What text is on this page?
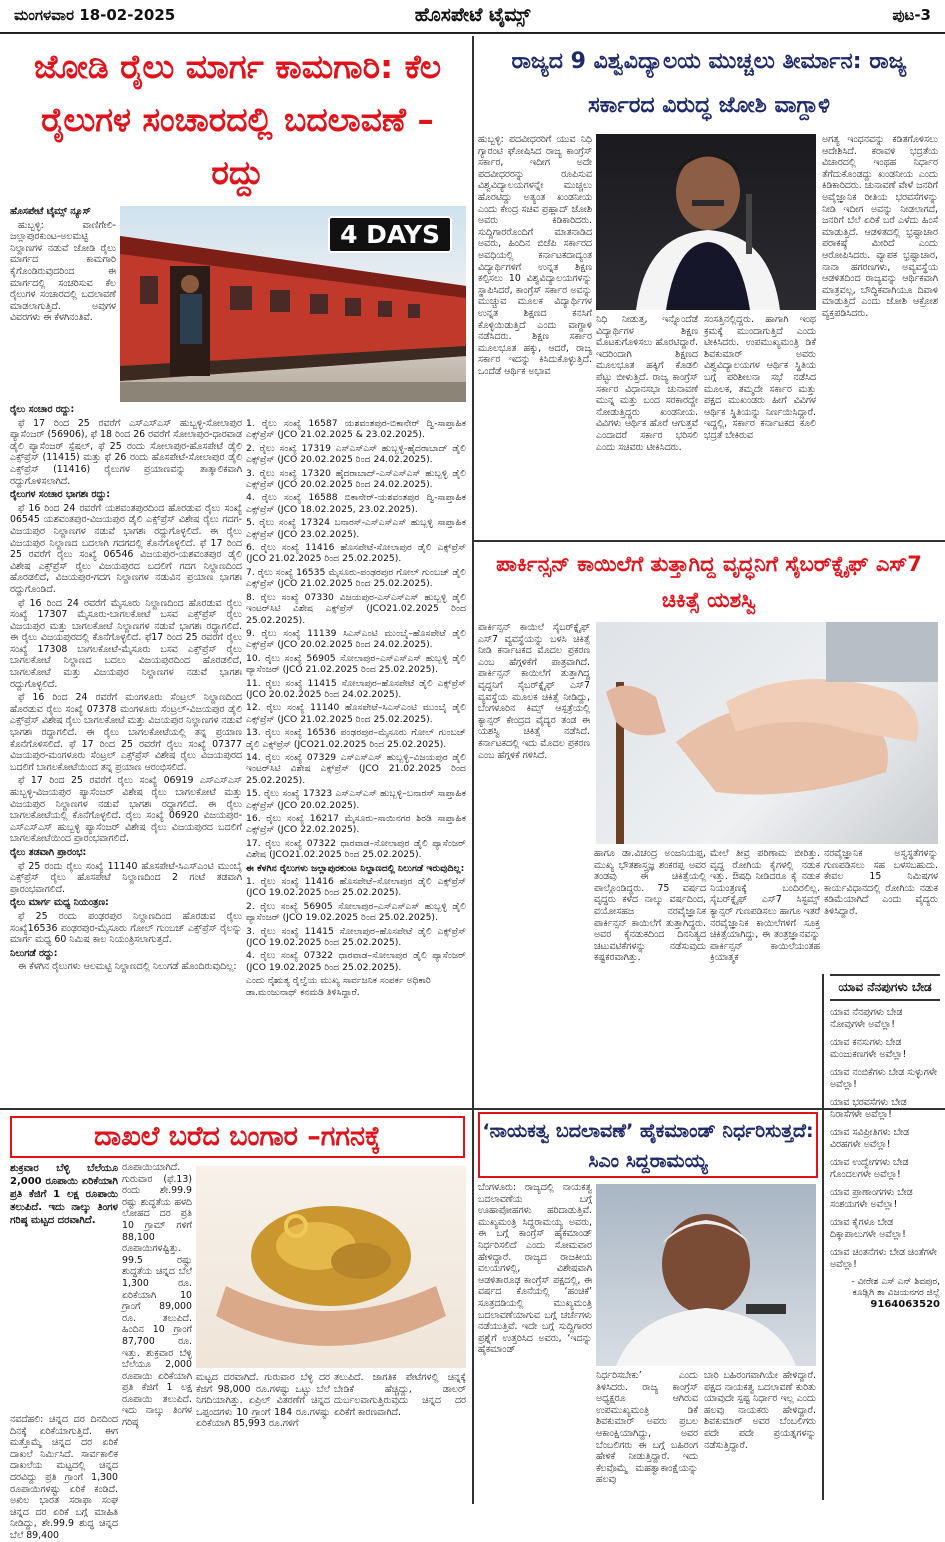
ಮಂಗಳವಾರ 18-02-2025	ಹೊಸಪೇಟೆ ಟೈಮ್ಸ್	ಪುಟ-3
ಜೋಡಿ ರೈಲು ಮಾರ್ಗ ಕಾಮಗಾರಿ: ಕೆಲ ರೈಲುಗಳ ಸಂಚಾರದಲ್ಲಿ ಬದಲಾವಣೆ – ರದ್ದು
4 DAYS

ಹೊಸಪೇಟೆ ಟೈಮ್ಸ್ ನ್ಯೂಸ್

ಹುಬ್ಬಳ್ಳಿ: ವಾಣಿಗೇಲಿ-ಜಲ್ಲಾಪುರಕುಂಟ-ಅಲಮಟ್ಟಿ ನಿಲ್ದಾಣಗಳ ನಡುವೆ ಜೋಡಿ ರೈಲು ಮಾರ್ಗದ ಕಾಮಗಾರಿ ಕೈಗೊಂಡಿರುವುದರಿಂದ ಈ ಮಾರ್ಗದಲ್ಲಿ ಸಂಚರಿಸುವ ಕೆಲ ರೈಲುಗಳ ಸಂಚಾರದಲ್ಲಿ ಬದಲಾವಣೆ ಮಾಡಲಾಗುತ್ತಿದೆ. ಅವುಗಳ ವಿವರಗಳು ಈ ಕೆಳಗಿನಂತಿವೆ.

ರೈಲು ಸಂಚಾರ ರದ್ದು:

ಫೆ 17 ರಿಂದ 25 ರವರೆಗೆ ಎಸ್ಎಸ್ಎಸ್ ಹುಬ್ಬಳ್ಳಿ-ಸೋಲಾಪುರ ಪ್ಯಾಸೆಂಜರ್ (56906), ಫೆ 18 ರಿಂದ 26 ರವರೆಗೆ ಸೋಲಾಪುರ-ಧಾರವಾಡ ಡೈಲಿ ಪ್ಯಾಸೆಂಜರ್ ಸ್ಪೆಷಲ್, ಫೆ 25 ರಂದು ಸೋಲಾಪುರ-ಹೊಸಪೇಟೆ ಡೈಲಿ ಎಕ್ಸ್‌ಪ್ರೆಸ್ (11415) ಮತ್ತು ಫೆ 26 ರಂದು ಹೊಸಪೇಟೆ-ಸೋಲಾಪುರ ಡೈಲಿ ಎಕ್ಸ್‌ಪ್ರೆಸ್ (11416) ರೈಲುಗಳ ಪ್ರಯಾಣವನ್ನು ತಾತ್ಕಾಲಿಕವಾಗಿ ರದ್ದುಗೊಳಿಸಲಾಗಿದೆ.

ರೈಲುಗಳ ಸಂಚಾರ ಭಾಗಶಃ ರದ್ದು:

ಫೆ 16 ರಿಂದ 24 ರವರೆಗೆ ಯಶವಂತಪುರದಿಂದ ಹೊರಡುವ ರೈಲು ಸಂಖ್ಯೆ 06545 ಯಶವಂತಪುರ-ವಿಜಯಪುರ ಡೈಲಿ ಎಕ್ಸ್‌ಪ್ರೆಸ್ ವಿಶೇಷ ರೈಲು ಗದಗ-ವಿಜಯಪುರ ನಿಲ್ದಾಣಗಳ ನಡುವೆ ಭಾಗಶಃ ರದ್ದುಗೊಳ್ಳಲಿದೆ. ಈ ರೈಲು ವಿಜಯಪುರ ನಿಲ್ದಾಣದ ಬದಲಾಗಿ ಗದಗದಲ್ಲಿ ಕೊನೆಗೊಳ್ಳಲಿದೆ. ಫೆ 17 ರಿಂದ 25 ರವರೆಗೆ ರೈಲು ಸಂಖ್ಯೆ 06546 ವಿಜಯಪುರ-ಯಶವಂತಪುರ ಡೈಲಿ ವಿಶೇಷ ಎಕ್ಸ್‌ಪ್ರೆಸ್ ರೈಲು ವಿಜಯಪುರದ ಬದಲಿಗೆ ಗದಗ ನಿಲ್ದಾಣದಿಂದ ಹೊರಡಲಿದೆ, ವಿಜಯಪುರ-ಗದಗ ನಿಲ್ದಾಣಗಳ ನಡುವಿನ ಪ್ರಯಾಣ ಭಾಗಶಃ ರದ್ದುಗೊಂಡಿದೆ.

ಫೆ 16 ರಿಂದ 24 ರವರೆಗೆ ಮೈಸೂರು ನಿಲ್ದಾಣದಿಂದ ಹೊರಡುವ ರೈಲು ಸಂಖ್ಯೆ 17307 ಮೈಸೂರು-ಬಾಗಲಕೋಟೆ ಬಸವ ಎಕ್ಸ್‌ಪ್ರೆಸ್ ರೈಲು ವಿಜಯಪುರ ಮತ್ತು ಬಾಗಲಕೋಟೆ ನಿಲ್ದಾಣಗಳ ನಡುವೆ ಭಾಗಶಃ ರದ್ದಾಗಲಿದೆ. ಈ ರೈಲು ವಿಜಯಪುರದಲ್ಲಿ ಕೊನೆಗೊಳ್ಳಲಿದೆ. ಫೆ17 ರಿಂದ 25 ರವರೆಗೆ ರೈಲು ಸಂಖ್ಯೆ 17308 ಬಾಗಲಕೋಟೆ-ಮೈಸೂರು ಬಸವ ಎಕ್ಸ್‌ಪ್ರೆಸ್ ರೈಲು ಬಾಗಲಕೋಟೆ ನಿಲ್ದಾಣದ ಬದಲು ವಿಜಯಪುರದಿಂದ ಹೊರಡಲಿದೆ, ಬಾಗಲಕೋಟೆ ಮತ್ತು ವಿಜಯಪುರ ನಿಲ್ದಾಣಗಳ ನಡುವೆ ಭಾಗಶಃ ರದ್ದುಗೊಳ್ಳಲಿದೆ.

ಫೆ 16 ರಿಂದ 24 ರವರೆಗೆ ಮಂಗಳೂರು ಸೆಂಟ್ರಲ್ ನಿಲ್ದಾಣದಿಂದ ಹೊರಡುವ ರೈಲು ಸಂಖ್ಯೆ 07378 ಮಂಗಳೂರು ಸೆಂಟ್ರಲ್-ವಿಜಯಪುರ ಡೈಲಿ ಎಕ್ಸ್‌ಪ್ರೆಸ್ ವಿಶೇಷ ರೈಲು ಬಾಗಲಕೋಟೆ ಮತ್ತು ವಿಜಯಪುರ ನಿಲ್ದಾಣಗಳ ನಡುವೆ ಭಾಗಶಃ ರದ್ದಾಗಲಿದೆ. ಈ ರೈಲು ಬಾಗಲಕೋಟೆಯಲ್ಲಿ ತನ್ನ ಪ್ರಯಾಣ ಕೊನೆಗೊಳಿಸಲಿದೆ. ಫೆ 17 ರಿಂದ 25 ರವರೆಗೆ ರೈಲು ಸಂಖ್ಯೆ 07377 ವಿಜಯಪುರ-ಮಂಗಳೂರು ಸೆಂಟ್ರಲ್ ಎಕ್ಸ್‌ಪ್ರೆಸ್ ವಿಶೇಷ ರೈಲು ವಿಜಯಪುರದ ಬದಲಿಗೆ ಬಾಗಲಕೋಟೆಯಿಂದ ತನ್ನ ಪ್ರಯಾಣ ಆರಂಭಿಸಲಿದೆ.

ಫೆ 17 ರಿಂದ 25 ರವರೆಗೆ ರೈಲು ಸಂಖ್ಯೆ 06919 ಎಸ್ಎಸ್ಎಸ್ ಹುಬ್ಬಳ್ಳಿ-ವಿಜಯಪುರ ಪ್ಯಾಸೆಂಜರ್ ವಿಶೇಷ ರೈಲು ಬಾಗಲಕೋಟೆ ಮತ್ತು ವಿಜಯಪುರ ನಿಲ್ದಾಣಗಳ ನಡುವೆ ಭಾಗಶಃ ರದ್ದಾಗಲಿದೆ. ಈ ರೈಲು ಬಾಗಲಕೋಟೆಯಲ್ಲಿ ಕೊನೆಗೊಳ್ಳಲಿದೆ. ರೈಲು ಸಂಖ್ಯೆ 06920 ವಿಜಯಪುರ-ಎಸ್ಎಸ್ಎಸ್ ಹುಬ್ಬಳ್ಳಿ ಪ್ಯಾಸೆಂಜರ್ ವಿಶೇಷ ರೈಲು ವಿಜಯಪುರದ ಬದಲಿಗೆ ಬಾಗಲಕೋಟೆಯಿಂದ ಪ್ರಾರಂಭವಾಗಲಿದೆ.

ರೈಲು ತಡವಾಗಿ ಪ್ರಾರಂಭ:

ಫೆ 25 ರಂದು ರೈಲು ಸಂಖ್ಯೆ 11140 ಹೊಸಪೇಟೆ-ಸಿಎಸ್‌ಎಂಟಿ ಮುಂಬೈ ಎಕ್ಸ್‌ಪ್ರೆಸ್ ರೈಲು ಹೊಸಪೇಟೆ ನಿಲ್ದಾಣದಿಂದ 2 ಗಂಟೆ ತಡವಾಗಿ ಪ್ರಾರಂಭವಾಗಲಿದೆ.

ರೈಲು ಮಾರ್ಗ ಮಧ್ಯ ನಿಯಂತ್ರಣ:

ಫೆ 25 ರಂದು ಪಂಢರಪುರ ನಿಲ್ದಾಣದಿಂದ ಹೊರಡುವ ರೈಲು ಸಂಖ್ಯೆ16536 ಪಂಢರಪುರ-ಮೈಸೂರು ಗೋಲ್ ಗುಂಬಜ್ ಎಕ್ಸ್‌ಪ್ರೆಸ್ ರೈಲನ್ನು ಮಾರ್ಗ ಮಧ್ಯ 60 ನಿಮಿಷ ಕಾಲ ನಿಯಂತ್ರಿಸಲಾಗುತ್ತದೆ.

ನಿಲುಗಡೆ ರದ್ದು:

ಈ ಕೆಳಗಿನ ರೈಲುಗಳು ಆಲಮಟ್ಟಿ ನಿಲ್ದಾಣದಲ್ಲಿ ನಿಲುಗಡೆ ಹೊಂದಿರುವುದಿಲ್ಲ:

1. ರೈಲು ಸಂಖ್ಯೆ 16587 ಯಶವಂತಪುರ-ಬಿಕಾನೇರ್ ದ್ವಿ-ಸಾಪ್ತಾಹಿಕ ಎಕ್ಸ್‌ಪ್ರೆಸ್ (JCO 21.02.2025 & 23.02.2025).
2. ರೈಲು ಸಂಖ್ಯೆ 17319 ಎಸ್ಎಸ್ಎಸ್ ಹುಬ್ಬಳ್ಳಿ-ಹೈದರಾಬಾದ್ ಡೈಲಿ ಎಕ್ಸ್‌ಪ್ರೆಸ್ (JCO 20.02.2025 ರಿಂದ 24.02.2025).
3. ರೈಲು ಸಂಖ್ಯೆ 17320 ಹೈದರಾಬಾದ್-ಎಸ್ಎಸ್ಎಸ್ ಹುಬ್ಬಳ್ಳಿ ಡೈಲಿ ಎಕ್ಸ್‌ಪ್ರೆಸ್ (JCO 20.02.2025 ರಿಂದ 24.02.2025).
4. ರೈಲು ಸಂಖ್ಯೆ 16588 ಬಿಕಾನೇರ್-ಯಶವಂತಪುರ ದ್ವಿ-ಸಾಪ್ತಾಹಿಕ ಎಕ್ಸ್‌ಪ್ರೆಸ್ (JCO 18.02.2025, 23.02.2025).
5. ರೈಲು ಸಂಖ್ಯೆ 17324 ಬನಾರಸ್-ಎಸ್ಎಸ್ಎಸ್ ಹುಬ್ಬಳ್ಳಿ ಸಾಪ್ತಾಹಿಕ ಎಕ್ಸ್‌ಪ್ರೆಸ್ (JCO 23.02.2025).
6. ರೈಲು ಸಂಖ್ಯೆ 11416 ಹೊಸಪೇಟೆ-ಸೋಲಾಪುರ ಡೈಲಿ ಎಕ್ಸ್‌ಪ್ರೆಸ್ (JCO 21.02.2025 ರಿಂದ 25.02.2025).
7. ರೈಲು ಸಂಖ್ಯೆ 16535 ಮೈಸೂರು-ಪಂಢರಪುರ ಗೋಲ್ ಗುಂಬಜ್ ಡೈಲಿ ಎಕ್ಸ್‌ಪ್ರೆಸ್ (JCO 21.02.2025 ರಿಂದ 25.02.2025).
8. ರೈಲು ಸಂಖ್ಯೆ 07330 ವಿಜಯಪುರ-ಎಸ್ಎಸ್ಎಸ್ ಹುಬ್ಬಳ್ಳಿ ಡೈಲಿ ಇಂಟರ್‌ಸಿಟಿ ವಿಶೇಷ ಎಕ್ಸ್‌ಪ್ರೆಸ್ (JCO21.02.2025 ರಿಂದ 25.02.2025).
9. ರೈಲು ಸಂಖ್ಯೆ 11139 ಸಿಎಸ್‌ಎಂಟಿ ಮುಂಬೈ–ಹೊಸಪೇಟೆ ಡೈಲಿ ಎಕ್ಸ್‌ಪ್ರೆಸ್ (JCO 20.02.2025 ರಿಂದ 24.02.2025).
10. ರೈಲು ಸಂಖ್ಯೆ 56905 ಸೋಲಾಪುರ–ಎಸ್ಎಸ್ಎಸ್ ಹುಬ್ಬಳ್ಳಿ ಡೈಲಿ ಪ್ಯಾಸೆಂಜರ್ (JCO 21.02.2025 ರಿಂದ 25.02.2025).
11. ರೈಲು ಸಂಖ್ಯೆ 11415 ಸೋಲಾಪುರ–ಹೊಸಪೇಟೆ ಡೈಲಿ ಎಕ್ಸ್‌ಪ್ರೆಸ್ (JCO 20.02.2025 ರಿಂದ 24.02.2025).
12. ರೈಲು ಸಂಖ್ಯೆ 11140 ಹೊಸಪೇಟೆ–ಸಿಎಸ್‌ಎಂಟಿ ಮುಂಬೈ ಡೈಲಿ ಎಕ್ಸ್‌ಪ್ರೆಸ್ (JCO 21.02.2025 ರಿಂದ 25.02.2025).
13. ರೈಲು ಸಂಖ್ಯೆ 16536 ಪಂಢರಪುರ–ಮೈಸೂರು ಗೋಲ್ ಗುಂಬಜ್ ಡೈಲಿ ಎಕ್ಸ್‌ಪ್ರೆಸ್ (JCO21.02.2025 ರಿಂದ 25.02.2025).
14. ರೈಲು ಸಂಖ್ಯೆ 07329 ಎಸ್ಎಸ್ಎಸ್ ಹುಬ್ಬಳ್ಳಿ–ವಿಜಯಪುರ ಡೈಲಿ ಇಂಟರ್‌ಸಿಟಿ ವಿಶೇಷ ಎಕ್ಸ್‌ಪ್ರೆಸ್ (JCO 21.02.2025 ರಿಂದ 25.02.2025).
15. ರೈಲು ಸಂಖ್ಯೆ 17323 ಎಸ್ಎಸ್ಎಸ್ ಹುಬ್ಬಳ್ಳಿ–ಬನಾರಸ್ ಸಾಪ್ತಾಹಿಕ ಎಕ್ಸ್‌ಪ್ರೆಸ್ (JCO 20.02.2025).
16. ರೈಲು ಸಂಖ್ಯೆ 16217 ಮೈಸೂರು–ಸಾಯಿನಗರ ಶಿರಡಿ ಸಾಪ್ತಾಹಿಕ ಎಕ್ಸ್‌ಪ್ರೆಸ್ (JCO 22.02.2025).
17. ರೈಲು ಸಂಖ್ಯೆ 07322 ಧಾರವಾಡ–ಸೋಲಾಪುರ ಡೈಲಿ ಪ್ಯಾಸೆಂಜರ್ ವಿಶೇಷ (JCO21.02.2025 ರಿಂದ 25.02.2025).
ಈ ಕೆಳಗಿನ ರೈಲುಗಳು ಜಲ್ಲಾಪುರಕುಂಟ ನಿಲ್ದಾಣದಲ್ಲಿ ನಿಲುಗಡೆ ಇರುವುದಿಲ್ಲ:
1. ರೈಲು ಸಂಖ್ಯೆ 11416 ಹೊಸಪೇಟೆ–ಸೋಲಾಪುರ ಡೈಲಿ ಎಕ್ಸ್‌ಪ್ರೆಸ್ (JCO 19.02.2025 ರಿಂದ 25.02.2025).
2. ರೈಲು ಸಂಖ್ಯೆ 56905 ಸೋಲಾಪುರ–ಎಸ್ಎಸ್ಎಸ್ ಹುಬ್ಬಳ್ಳಿ ಡೈಲಿ ಪ್ಯಾಸೆಂಜರ್ (JCO 19.02.2025 ರಿಂದ 25.02.2025).
3. ರೈಲು ಸಂಖ್ಯೆ 11415 ಸೋಲಾಪುರ–ಹೊಸಪೇಟೆ ಡೈಲಿ ಎಕ್ಸ್‌ಪ್ರೆಸ್ (JCO 19.02.2025 ರಿಂದ 25.02.2025).
4. ರೈಲು ಸಂಖ್ಯೆ 07322 ಧಾರವಾಡ–ಸೋಲಾಪುರ ಡೈಲಿ ಪ್ಯಾಸೆಂಜರ್ (JCO 19.02.2025 ರಿಂದ 25.02.2025).
ಎಂದು ನೈಋತ್ಯ ರೈಲ್ವೆಯ ಮುಖ್ಯ ಸಾರ್ವಜನಿಕ ಸಂಪರ್ಕ ಅಧಿಕಾರಿ ಡಾ.ಮಂಜುನಾಥ್ ಕನಮಡಿ ತಿಳಿಸಿದ್ದಾರೆ.
ರಾಜ್ಯದ 9 ವಿಶ್ವವಿದ್ಯಾಲಯ ಮುಚ್ಚಲು ತೀರ್ಮಾನ: ರಾಜ್ಯ ಸರ್ಕಾರದ ವಿರುದ್ಧ ಜೋಶಿ ವಾಗ್ದಾಳಿ
ಹುಬ್ಬಳ್ಳಿ: ಪದವೀಧರರಿಗೆ ಯುವ ನಿಧಿ ಗ್ಯಾರಂಟಿ ಘೋಷಿಸಿದ ರಾಜ್ಯ ಕಾಂಗ್ರೆಸ್ ಸರ್ಕಾರ, ಇದೀಗ ಅದೇ ಪದವೀಧರರನ್ನು ರೂಪಿಸುವ ವಿಶ್ವವಿದ್ಯಾಲಯಗಳನ್ನೇ ಮುಚ್ಚಲು ಹೊರಟಿದ್ದು ಅತ್ಯಂತ ಖಂಡನೀಯ ಎಂದು ಕೇಂದ್ರ ಸಚಿವ ಪ್ರಹ್ಲಾದ್ ಜೋಶಿ ಅವರು ಕಿಡಿಕಾರಿದರು. ಸುದ್ದಿಗಾರರೊಂದಿಗೆ ಮಾತನಾಡಿದ ಅವರು, ಹಿಂದಿನ ಬಿಜೆಪಿ ಸರ್ಕಾರದ ಅವಧಿಯಲ್ಲಿ ಕರ್ನಾಟಕದಾದ್ಯಂತ ವಿದ್ಯಾರ್ಥಿಗಳಿಗೆ ಉನ್ನತ ಶಿಕ್ಷಣ ಕಲ್ಪಿಸಲು 10 ವಿಶ್ವವಿದ್ಯಾಲಯಗಳನ್ನು ಸ್ಥಾಪಿಸಿದರೆ, ಕಾಂಗ್ರೆಸ್ ಸರ್ಕಾರ ಅವನ್ನು ಮುಚ್ಚುವ ಮೂಲಕ ವಿದ್ಯಾರ್ಥಿಗಳ ಉನ್ನತ ಶಿಕ್ಷಣದ ಕನಸಿಗೆ ಕೊಳ್ಳಿಯಿಡುತ್ತಿದೆ ಎಂದು ವಾಗ್ದಾಳಿ ನಡೆಸಿದರು. ಶಿಕ್ಷಣ ಸರ್ಕಾರ ಮೂಲಭೂತ ಹಕ್ಕು, ಆದರೆ, ರಾಜ್ಯ ಸರ್ಕಾರ ಇದನ್ನು ಕಿಸಿದುಕೊಳ್ಳುತ್ತಿದೆ. ಒಂದೆಡೆ ಆರ್ಥಿಕ ಅಭಾವ
ನಿಧಿ ನೀಡುತ್ತ, ಇನ್ನೊಂದೆಡೆ ವಿದ್ಯಾರ್ಥಿಗಳ ಶಿಕ್ಷಣ ಮೊಟಕುಗೊಳಿಸಲು ಹೊರಟಿದ್ದಾರೆ. ಇದರಿಂದಾಗಿ ಶಿಕ್ಷಣದ ಮೂಲಭೂತ ಹಕ್ಕಿಗೆ ಕೊಡಲಿ ಪೆಟ್ಟು ಬೀಳುತ್ತಿದೆ. ರಾಜ್ಯ ಕಾಂಗ್ರೆಸ್ ಸರ್ಕಾರ ವಿಧಾನಸಭಾ ಚುನಾವಣೆ ಮುನ್ನ ಮತ್ತು ಬಂದ ಸರಕಾರದ್ದೇ ನೋಡುತ್ತಿದ್ದರು ಖಂಡನೀಯ. ವಿವಿಗಳು ಆರ್ಥಿಕ ಹೊರೆ ಆಗುತ್ತವೆ ಎಂದಾದರೆ ಸರ್ಕಾರ ಭರಿಸಲಿ ಎಂದು ಸಚಿವರು ಟೀಕಿಸಿದರು.
ಸಂಸತ್ತಿನಲ್ಲಿದ್ದರು. ಹಾಗಾಗಿ ಇಂಥ ಕ್ರಮಕ್ಕೆ ಮುಂದಾಗುತ್ತಿದೆ ಎಂದು ಟೀಕಿಸಿದರು. ಉಪಮುಖ್ಯಮಂತ್ರಿ ಡಿಕೆ ಶಿವಕುಮಾರ್ ಅವರು ವಿಶ್ವವಿದ್ಯಾಲಯಗಳ ಆರ್ಥಿಕ ಸ್ಥಿತಿಯ ಬಗ್ಗೆ ಪರಿಶೀಲನಾ ಸಭೆ ನಡೆಸಿದ ಮೂಲಕ, ತಮ್ಮದೇ ಸರ್ಕಾರ ಮತ್ತು ಪಕ್ಷದ ಮುಖಂಡರು ಹೀಗೆ ವಿವಿಗಳ ಆರ್ಥಿಕ ಸ್ಥಿತಿಯನ್ನು ನಿರ್ಣಯಿಸಿದ್ದಾರೆ. ಇದ್ದಲ್ಲಿ, ಸರ್ಕಾರ ಕರ್ನಾಟಕದ ಕೂಲಿ ಭದ್ರತೆ ಬೇಕಿರುವ
ಅಗತ್ಯ ಇಂಧನವನ್ನು ಕಡಿತಗೊಳಿಸಲು ಆದೇಶಿಸಿದೆ. ಕರಾವಳಿ ಭದ್ರತೆಯ ವಿಚಾರದಲ್ಲಿ ಇಂಥಹ ನಿರ್ಧಾರ ತೆಗೆದುಕೊಂಡದ್ದು ಖಂಡನೀಯ ಎಂದು ಕಿಡಿಕಾರಿದರು. ಚುನಾವಣೆ ವೇಳೆ ಜನರಿಗೆ ಅವೈಜ್ಞಾನಿಕ ರೀತಿಯ ಭರವಸೆಗಳನ್ನು ನೀಡಿ ಇದೀಗ ಅವನ್ನು ನೀಡಲಾಗದೆ, ಜನರಿಗೆ ಬೆಲೆ ಏರಿಕೆ ಬರೆ ಎಳೆದು ಹಿಂಸೆ ಮಾಡುತ್ತಿದೆ. ಆಡಳಿತದಲ್ಲಿ ಭ್ರಷ್ಟಾಚಾರ ಪರಾಕಷ್ಠೆ ಮೀರಿದೆ ಎಂದು ಆರೋಪಿಸಿದರು. ವ್ಯಾಪಕ ಭ್ರಷ್ಟಾಚಾರ, ನಾನಾ ಹಗರಣಗಳು, ಅವ್ಯವಸ್ಥೆಯ ಆಡಳಿತದಿಂದ ರಾಜ್ಯವನ್ನು ಆರ್ಥಿಕವಾಗಿ ಮಾತ್ರವಲ್ಲ, ಬೌದ್ಧಿಕವಾಗಿಯೂ ದಿವಾಳಿ ಮಾಡುತ್ತಿದೆ ಎಂದು ಜೋಶಿ ಆಕ್ರೋಶ ವ್ಯಕ್ತಪಡಿಸಿದರು.
ಪಾರ್ಕಿನ್ಸನ್ ಕಾಯಿಲೆಗೆ ತುತ್ತಾಗಿದ್ದ ವೃದ್ಧನಿಗೆ ಸೈಬರ್‌ಕ್ನೈಫ್ ಎಸ್7 ಚಿಕಿತ್ಸೆ ಯಶಸ್ವಿ
ಪಾರ್ಕಿನ್ಸನ್ ಕಾಯಿಲೆ ಸೈಬರ್‌ಕ್ನೈಫ್ ಎಸ್7 ವ್ಯವಸ್ಥೆಯನ್ನು ಬಳಸಿ ಚಿಕಿತ್ಸೆ ನೀಡಿ ಕರ್ನಾಟಕದ ಮೊದಲ ಪ್ರಕರಣ ಎಂಬ ಹೆಗ್ಗಳಿಕೆಗೆ ಪಾತ್ರವಾಗಿದೆ. ಪಾರ್ಕಿನ್ಸನ್ ಕಾಯಿಲೆಗೆ ತುತ್ತಾಗಿದ್ದ ವೃದ್ಧನಿಗೆ ಸೈಬರ್‌ಕ್ನೈಫ್ ಎಸ್7 ವ್ಯವಸ್ಥೆಯ ಮೂಲಕ ಚಿಕಿತ್ಸೆ ನೀಡಿದ್ದು, ಬೆಂಗಳೂರಿನ ಕಿಮ್ಸ್ ಆಸ್ಪತ್ರೆಯಲ್ಲಿ ಕ್ಯಾನ್ಸರ್ ಕೇಂದ್ರದ ವೈದ್ಯರ ತಂಡ ಈ ಯಶಸ್ವಿ ಚಿಕಿತ್ಸೆ ನಡೆಸಿದೆ. ಕರ್ನಾಟಕದಲ್ಲಿ ಇದು ಮೊದಲ ಪ್ರಕರಣ ಎಂಬ ಹೆಗ್ಗಳಿಕೆ ಗಳಿಸಿದೆ.
ಹಾಗೂ ಡಾ.ವಿಚಂದ್ರ ಅಂಜನಿಯಪ್ಪ, ಮುಖ್ಯ ಭೌತಶಾಸ್ತ್ರಜ್ಞ ಶಂಕರಪ್ಪ ಅವರ ತಂಡವು ಈ ಚಿಕಿತ್ಸೆಯಲ್ಲಿ ಪಾಲ್ಗೊಂಡಿದ್ದರು. 75 ವರ್ಷದ ವೃದ್ಧರು ಕಳೆದ ನಾಲ್ಕು ವರ್ಷದಿಂದ, ವಯೋಸಹಜ ನರವೈಜ್ಞಾನಿಕ ಪಾರ್ಕಿನ್ಸನ್ ಕಾಯಿಲೆಗೆ ತುತ್ತಾಗಿದ್ದರು. ಅವರ ಕೈನಡುಕದಿಂದ ದಿನನಿತ್ಯದ ಚಟುವಟಿಕೆಗಳನ್ನು ನಡೆಸುವುದು ಕಷ್ಟಕರವಾಗಿತ್ತು.
ಮೇಲೆ ತೀವ್ರ ಪರಿಣಾಮ ಬೀರಿತ್ತು. ವೃದ್ಧ ರೋಗಿಯ ಕೈಗಳಲ್ಲಿ ನಡುಕ ಇತ್ತು. ಔಷಧಿ ನೀಡಿದರೂ ಕೈ ನಡುಕ ನಿಯಂತ್ರಣಕ್ಕೆ ಬಂದಿರಲಿಲ್ಲ. ಸೈಬರ್‌ಕ್ನೈಫ್ ಎಸ್7 ಸಿಸ್ಟಮ್ಸ್ ಕ್ಯಾನ್ಸರ್ ಗುಣಪಡಿಸಲು ಹಾಗೂ ಇತರೆ ನರವೈಜ್ಞಾನಿಕ ಕಾಯಿಲೆಗಳಿಗೆ ಸೂಕ್ತ ಚಿಕಿತ್ಸೆಯಾಗಿದ್ದು, ಈ ತಂತ್ರಜ್ಞಾನವನ್ನು ಪಾರ್ಕಿನ್ಸನ್ ಕಾಯಿಲೆಯಂತಹ ಕ್ರಿಯಾತ್ಮಕ
ನರವೈಜ್ಞಾನಿಕ ಅಸ್ವಸ್ಥತೆಗಳನ್ನು ಗುಣಪಡಿಸಲು ಸಹ ಬಳಸಬಹುದು. ಕೇವಲ 15 ನಿಮಿಷಗಳ ಕಾರ್ಯವಿಧಾನದಲ್ಲಿ ರೋಗಿಯ ನಡುಕ ಕಡಿಮೆಯಾಗಿದೆ ಎಂದು ವೈದ್ಯರು ತಿಳಿಸಿದ್ದಾರೆ.
ಯಾವ ನೆನಪುಗಳು ಬೇಡ
ಯಾವ ನೆನಪುಗಳು ಬೇಡ ನೋವುಗಳೇ ಅವೆಲ್ಲಾ!
ಯಾವ ಕನಸುಗಳು ಬೇಡ ಮಂಜುಕಣಗಳೇ ಅವೆಲ್ಲಾ!
ಯಾವ ನಂಬಿಕೆಗಳು ಬೇಡ ಸುಳ್ಳುಗಳೇ ಅವೆಲ್ಲಾ!
ಯಾವ ಭರವಸೆಗಳು ಬೇಡ ನಿರಾಸೆಗಳೇ ಅವೆಲ್ಲಾ!
ಯಾವ ಸವಿಪ್ರೀತಿಗಳು ಬೇಡ ವಿರಹಗಳೇ ಅವೆಲ್ಲಾ!
ಯಾವ ಉದ್ವೇಗಗಳು ಬೇಡ ಗೊಂದಲಗಳೇ ಅವೆಲ್ಲಾ!
ಯಾವ ಪ್ರಾಣಾಂಗಗಳು ಬೇಡ ಸಂಶಯಗಳೇ ಅವೆಲ್ಲಾ!
ಯಾವ ಕೈಗಳೂ ಬೇಡ ದಿಕ್ಕಾಪಾಲುಗಳೇ ಅವೆಲ್ಲಾ!
ಯಾವ ಚಿಂತನೆಗಳು ಬೇಡ ಚಿಂತೆಗಳೇ ಅವೆಲ್ಲಾ!
- ವೀರೇಶ ಎಸ್ ಎನ್ ಶಿವಪುರ, ಕೂಡ್ಲಿಗಿ ತಾ ವಿಜಯನಗರ ಜಿಲ್ಲೆ
9164063520
ದಾಖಲೆ ಬರೆದ ಬಂಗಾರ –ಗಗನಕ್ಕೆ
ಶುಕ್ರವಾರ ಬೆಳ್ಳಿ ಬೆಲೆಯೂ 2,000 ರೂಪಾಯಿ ಏರಿಕೆಯಾಗಿ ಪ್ರತಿ ಕೆಜಿಗೆ 1 ಲಕ್ಷ ರೂಪಾಯಿ ತಲುಪಿದೆ. ಇದು ನಾಲ್ಕು ತಿಂಗಳ ಗರಿಷ್ಠ ಮಟ್ಟದ ದರವಾಗಿದೆ.
ನವದೆಹಲಿ: ಚಿನ್ನದ ದರ ದಿನದಿಂದ ದಿನಕ್ಕೆ ಏರಿಕೆಯಾಗುತ್ತಿದೆ. ಈಗ ಮತ್ತೊಮ್ಮೆ ಚಿನ್ನದ ದರ ಏರಿಕೆ ದಾಖಲೆ ನಿರ್ಮಿಸಿದೆ. ಸಾರ್ವಕಾಲಿಕ ದಾಖಲೆಯ ಮಟ್ಟದಲ್ಲಿ ಚಿನ್ನದ ದರವಿದ್ದು ಪ್ರತಿ ಗ್ರಾಂಗೆ 1,300 ರೂಪಾಯಿಗಳಷ್ಟು ಏರಿಕೆ ಕಂಡಿದೆ. ಅಖಿಲ ಭಾರತ ಸರಾಫಾ ಸಂಘ ಚಿನ್ನದ ದರ ಏರಿಕೆ ಬಗ್ಗೆ ಮಾಹಿತಿ ನೀಡಿದ್ದು, ಶೇ.99.9 ಶುದ್ಧ ಚಿನ್ನದ ಬೆಲೆ 89,400
ರೂಪಾಯಿಯಾಗಿದೆ. ಗುರುವಾರ (ಫೆ.13) ರಂದು ಶೇ.99.9 ರಷ್ಟು ಶುದ್ಧತೆಯ ಹಳದಿ ಲೋಹದ ದರ ಪ್ರತಿ 10 ಗ್ರಾಮ್ ಗಳಿಗೆ 88,100 ರೂಪಾಯಿಗಳಷ್ಟಿತ್ತು. 99.5 ರಷ್ಟು ಶುದ್ಧತೆಯ ಚಿನ್ನದ ಬೆಲೆ 1,300 ರೂ. ಏರಿಕೆಯಾಗಿ 10 ಗ್ರಾಂಗೆ 89,000 ರೂ. ತಲುಪಿದೆ. ಹಿಂದಿನ 10 ಗ್ರಾಂಗೆ 87,700 ರೂ. ಇತ್ತು. ಶುಕ್ರವಾರ ಬೆಳ್ಳಿ ಬೆಲೆಯೂ 2,000 ರೂಪಾಯಿ ಏರಿಕೆಯಾಗಿ ಪ್ರತಿ ಕೆಜಿಗೆ 1 ಲಕ್ಷ ರೂಪಾಯಿ ತಲುಪಿದೆ. ಇದು ನಾಲ್ಕು ತಿಂಗಳ ಗರಿಷ್ಠ
ಮಟ್ಟದ ದರವಾಗಿದೆ. ಗುರುವಾರ ಬೆಳ್ಳಿ ದರ ಕೆಜಿಗೆ 98,000 ರೂ.ಗಳಷ್ಟು ಒಟ್ಟು ಬೆಲೆ ನಿಗದಿಯಾಗಿತ್ತು. ಏಪ್ರಿಲ್ ವಿತರಣೆಗೆ ಚಿನ್ನದ ಒಪ್ಪಂದಗಳು 10 ಗ್ರಾಂಗೆ 184 ರೂ.ಗಳಷ್ಟು ಏರಿಕೆಯಾಗಿ 85,993 ರೂ.ಗಳಿಗೆ
ತಲುಪಿದೆ. ಜಾಗತಿಕ ಪೇಟೆಗಳಲ್ಲಿ ಚಿನ್ನಕ್ಕೆ ಬೇಡಿಕೆ ಹೆಚ್ಚಿದ್ದು, ಡಾಲರ್ ದುರ್ಬಲವಾಗುತ್ತಿರುವುದು ಚಿನ್ನದ ದರ ಏರಿಕೆಗೆ ಕಾರಣವಾಗಿದೆ.
‘ನಾಯಕತ್ವ ಬದಲಾವಣೆ’ ಹೈಕಮಾಂಡ್ ನಿರ್ಧರಿಸುತ್ತದೆ: ಸಿಎಂ ಸಿದ್ದರಾಮಯ್ಯ
ಬೆಂಗಳೂರು: ರಾಜ್ಯದಲ್ಲಿ ನಾಯಕತ್ವ ಬದಲಾವಣೆಯ ಬಗ್ಗೆ ಊಹಾಪೋಹಗಳು ಹರಿದಾಡುತ್ತಿವೆ. ಮುಖ್ಯಮಂತ್ರಿ ಸಿದ್ದರಾಮಯ್ಯ ಅವರು, ಈ ಬಗ್ಗೆ ಕಾಂಗ್ರೆಸ್ ಹೈಕಮಾಂಡ್ ನಿರ್ಧರಿಸಲಿದೆ ಎಂದು ಸೋಮವಾರ ಹೇಳಿದ್ದಾರೆ. ರಾಜ್ಯದ ರಾಜಕೀಯ ವಲಯಗಳಲ್ಲಿ, ವಿಶೇಷವಾಗಿ ಆಡಳಿತಾರೂಢ ಕಾಂಗ್ರೆಸ್ ಪಕ್ಷದಲ್ಲಿ, ಈ ವರ್ಷದ ಕೊನೆಯಲ್ಲಿ ‘ಹಂಚಿಕೆ’ ಸೂತ್ರದಡಿಯಲ್ಲಿ ಮುಖ್ಯಮಂತ್ರಿ ಬದಲಾವಣೆಯಾಗುವ ಬಗ್ಗೆ ಚರ್ಚೆಗಳು ನಡೆಯುತ್ತಿವೆ. ಇದೇ ಬಗ್ಗೆ ಸುದ್ದಿಗಾರರ ಪ್ರಶ್ನೆಗೆ ಉತ್ತರಿಸಿದ ಅವರು, ‘ಇದನ್ನು ಹೈಕಮಾಂಡ್
ನಿರ್ಧರಿಸಬೇಕು’ ಎಂದು ತಿಳಿಸಿದರು. ರಾಜ್ಯ ಕಾಂಗ್ರೆಸ್ ಅಧ್ಯಕ್ಷರೂ ಆಗಿರುವ ಉಪಮುಖ್ಯಮಂತ್ರಿ ಡಿಕೆ ಶಿವಕುಮಾರ್ ಅವರು ಪ್ರಬಲ ಆಕಾಂಕ್ಷಿಯಾಗಿದ್ದು, ಅವರ ಬೆಂಬಲಿಗರು ಈ ಬಗ್ಗೆ ಬಹಿರಂಗ ಹೇಳಿಕೆ ನೀಡುತ್ತಿದ್ದಾರೆ. ಇದು ಕೆಲವೊಮ್ಮೆ ಮಹತ್ವಾಕಾಂಕ್ಷೆಯನ್ನು ಹಲವು
ಬಾರಿ ಬಹಿರಂಗವಾಗಿಯೇ ಹೇಳಿದ್ದಾರೆ. ಪಕ್ಷದ ನಾಯಕತ್ವ ಬದಲಾವಣೆ ಕುರಿತು ಯಾವುದೇ ಸ್ಪಷ್ಟ ನಿರ್ಧಾರ ಇಲ್ಲ ಎಂದು ಹಲವು ನಾಯಕರು ಹೇಳಿದ್ದಾರೆ. ಶಿವಕುಮಾರ್ ಅವರ ಬೆಂಬಲಿಗರು ಪದೇ ಪದೇ ಪ್ರಯತ್ನಗಳನ್ನು ನಡೆಸುತ್ತಿದ್ದಾರೆ.
